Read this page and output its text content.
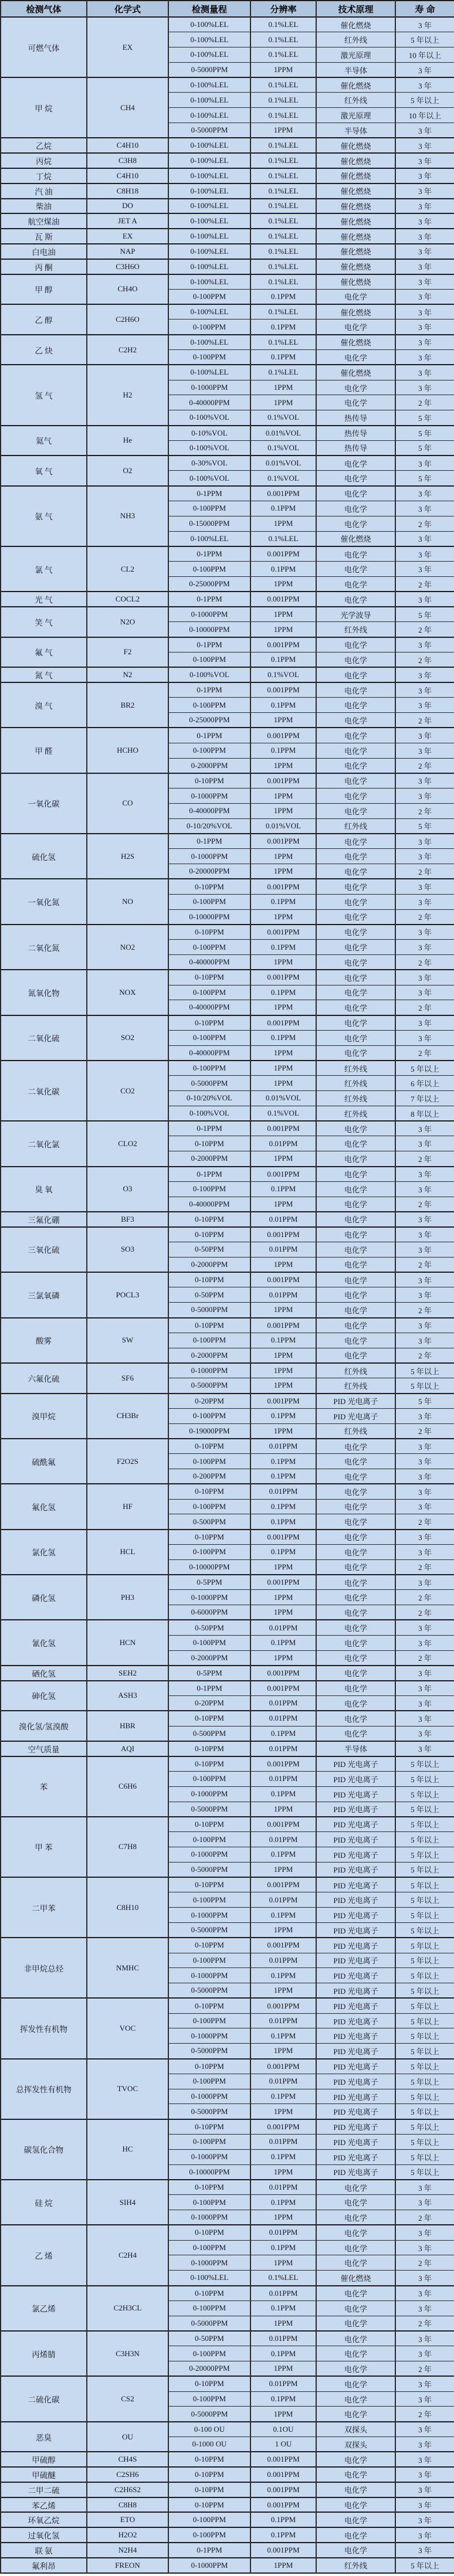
检测气体	化学式	检测量程	分辨率	技术原理	寿 命
可燃气体	EX	0-100%LEL	0.1%LEL	催化燃烧	3 年
		0-100%LEL	0.1%LEL	红外线	5 年以上
		0-100%LEL	0.1%LEL	激光原理	10 年以上
		0-5000PPM	1PPM	半导体	3 年
甲 烷	CH4	0-100%LEL	0.1%LEL	催化燃烧	3 年
		0-100%LEL	0.1%LEL	红外线	5 年以上
		0-100%LEL	0.1%LEL	激光原理	10 年以上
		0-5000PPM	1PPM	半导体	3 年
乙烷	C4H10	0-100%LEL	0.1%LEL	催化燃烧	3 年
丙烷	C3H8	0-100%LEL	0.1%LEL	催化燃烧	3 年
丁烷	C4H10	0-100%LEL	0.1%LEL	催化燃烧	3 年
汽 油	C8H18	0-100%LEL	0.1%LEL	催化燃烧	3 年
柴油	DO	0-100%LEL	0.1%LEL	催化燃烧	3 年
航空煤油	JET A	0-100%LEL	0.1%LEL	催化燃烧	3 年
瓦 斯	EX	0-100%LEL	0.1%LEL	催化燃烧	3 年
白电油	NAP	0-100%LEL	0.1%LEL	催化燃烧	3 年
丙 酮	C3H6O	0-100%LEL	0.1%LEL	催化燃烧	3 年
甲 醇	CH4O	0-100%LEL	0.1%LEL	催化燃烧	3 年
		0-100PPM	0.1PPM	电化学	3 年
乙 醇	C2H6O	0-100%LEL	0.1%LEL	催化燃烧	3 年
		0-100PPM	0.1PPM	电化学	3 年
乙 炔	C2H2	0-100%LEL	0.1%LEL	催化燃烧	3 年
		0-100PPM	0.1PPM	电化学	3 年
氢 气	H2	0-100%LEL	0.1%LEL	催化燃烧	3 年
		0-1000PPM	1PPM	电化学	3 年
		0-40000PPM	1PPM	电化学	2 年
		0-100%VOL	0.1%VOL	热传导	5 年
氦气	He	0-10%VOL	0.01%VOL	热传导	5 年
		0-100%VOL	0.1%VOL	热传导	5 年
氧 气	O2	0-30%VOL	0.01%VOL	电化学	3 年
		0-100%VOL	0.1%VOL	电化学	5 年
氨 气	NH3	0-1PPM	0.001PPM	电化学	3 年
		0-100PPM	0.1PPM	电化学	3 年
		0-15000PPM	1PPM	电化学	2 年
		0-100%LEL	0.1%LEL	催化燃烧	3 年
氯 气	CL2	0-1PPM	0.001PPM	电化学	3 年
		0-100PPM	0.1PPM	电化学	3 年
		0-25000PPM	1PPM	电化学	2 年
光 气	COCL2	0-1PPM	0.001PPM	电化学	3 年
笑 气	N2O	0-1000PPM	1PPM	光学波导	5 年
		0-10000PPM	1PPM	红外线	2 年
氟 气	F2	0-1PPM	0.001PPM	电化学	3 年
		0-100PPM	0.1PPM	电化学	2 年
氮 气	N2	0-100%VOL	0.1%VOL	电化学	3 年
溴 气	BR2	0-1PPM	0.001PPM	电化学	3 年
		0-100PPM	0.1PPM	电化学	3 年
		0-25000PPM	1PPM	电化学	2 年
甲 醛	HCHO	0-1PPM	0.001PPM	电化学	3 年
		0-100PPM	0.1PPM	电化学	3 年
		0-2000PPM	1PPM	电化学	2 年
一氧化碳	CO	0-10PPM	0.001PPM	电化学	3 年
		0-1000PPM	1PPM	电化学	3 年
		0-40000PPM	1PPM	电化学	2 年
		0-10/20%VOL	0.01%VOL	红外线	5 年
硫化氢	H2S	0-1PPM	0.001PPM	电化学	3 年
		0-1000PPM	1PPM	电化学	3 年
		0-20000PPM	1PPM	电化学	2 年
一氧化氮	NO	0-10PPM	0.001PPM	电化学	3 年
		0-100PPM	0.1PPM	电化学	3 年
		0-10000PPM	1PPM	电化学	2 年
二氧化氮	NO2	0-10PPM	0.001PPM	电化学	3 年
		0-100PPM	0.1PPM	电化学	3 年
		0-40000PPM	1PPM	电化学	2 年
氮氧化物	NOX	0-10PPM	0.001PPM	电化学	3 年
		0-100PPM	0.1PPM	电化学	3 年
		0-40000PPM	1PPM	电化学	2 年
二氧化硫	SO2	0-10PPM	0.001PPM	电化学	3 年
		0-100PPM	0.1PPM	电化学	3 年
		0-40000PPM	1PPM	电化学	2 年
二氧化碳	CO2	0-100PPM	1PPM	红外线	5 年以上
		0-5000PPM	1PPM	红外线	6 年以上
		0-10/20%VOL	0.01%VOL	红外线	7 年以上
		0-100%VOL	0.1%VOL	红外线	8 年以上
二氧化氯	CLO2	0-1PPM	0.001PPM	电化学	3 年
		0-10PPM	0.01PPM	电化学	3 年
		0-2000PPM	1PPM	电化学	2 年
臭 氧	O3	0-1PPM	0.001PPM	电化学	3 年
		0-100PPM	0.1PPM	电化学	3 年
		0-40000PPM	1PPM	电化学	2 年
三氟化硼	BF3	0-10PPM	0.01PPM	电化学	3 年
三氧化硫	SO3	0-10PPM	0.001PPM	电化学	3 年
		0-50PPM	0.01PPM	电化学	3 年
		0-2000PPM	1PPM	电化学	2 年
三氯氧磷	POCL3	0-10PPM	0.001PPM	电化学	3 年
		0-50PPM	0.01PPM	电化学	3 年
		0-5000PPM	1PPM	电化学	2 年
酸雾	SW	0-10PPM	0.001PPM	电化学	3 年
		0-100PPM	0.1PPM	电化学	3 年
		0-2000PPM	1PPM	电化学	2 年
六氟化硫	SF6	0-1000PPM	1PPM	红外线	5 年以上
		0-5000PPM	1PPM	红外线	5 年以上
溴甲烷	CH3Br	0-20PPM	0.001PPM	PID 光电离子	5 年
		0-100PPM	0.1PPM	PID 光电离子	3 年
		0-19000PPM	1PPM	红外线	2 年
硫酰氟	F2O2S	0-10PPM	0.01PPM	电化学	3 年
		0-100PPM	0.1PPM	电化学	3 年
		0-200PPM	0.1PPM	电化学	3 年
氟化氢	HF	0-10PPM	0.01PPM	电化学	3 年
		0-100PPM	0.1PPM	电化学	3 年
		0-500PPM	0.1PPM	电化学	2 年
氯化氢	HCL	0-10PPM	0.001PPM	电化学	3 年
		0-100PPM	0.1PPM	电化学	3 年
		0-10000PPM	1PPM	电化学	2 年
磷化氢	PH3	0-5PPM	0.001PPM	电化学	3 年
		0-1000PPM	1PPM	电化学	2 年
		0-6000PPM	1PPM	电化学	2 年
氰化氢	HCN	0-50PPM	0.01PPM	电化学	3 年
		0-100PPM	0.1PPM	电化学	3 年
		0-2000PPM	1PPM	电化学	2 年
硒化氢	SEH2	0-5PPM	0.001PPM	电化学	3 年
砷化氢	ASH3	0-1PPM	0.001PPM	电化学	3 年
		0-20PPM	0.01PPM	电化学	3 年
溴化氢/氢溴酸	HBR	0-10PPM	0.01PPM	电化学	3 年
		0-500PPM	0.1PPM	电化学	3 年
空气质量	AQI	0-10PPM	0.01PPM	半导体	3 年
苯	C6H6	0-10PPM	0.001PPM	PID 光电离子	5 年以上
		0-100PPM	0.01PPM	PID 光电离子	5 年以上
		0-1000PPM	0.1PPM	PID 光电离子	5 年以上
		0-5000PPM	1PPM	PID 光电离子	5 年以上
甲 苯	C7H8	0-10PPM	0.001PPM	PID 光电离子	5 年以上
		0-100PPM	0.01PPM	PID 光电离子	5 年以上
		0-1000PPM	0.1PPM	PID 光电离子	5 年以上
		0-5000PPM	1PPM	PID 光电离子	5 年以上
二甲苯	C8H10	0-10PPM	0.001PPM	PID 光电离子	5 年以上
		0-100PPM	0.01PPM	PID 光电离子	5 年以上
		0-1000PPM	0.1PPM	PID 光电离子	5 年以上
		0-5000PPM	1PPM	PID 光电离子	5 年以上
非甲烷总烃	NMHC	0-10PPM	0.001PPM	PID 光电离子	5 年以上
		0-100PPM	0.01PPM	PID 光电离子	5 年以上
		0-1000PPM	0.1PPM	PID 光电离子	5 年以上
		0-5000PPM	1PPM	PID 光电离子	5 年以上
挥发性有机物	VOC	0-10PPM	0.001PPM	PID 光电离子	5 年以上
		0-100PPM	0.01PPM	PID 光电离子	5 年以上
		0-1000PPM	0.1PPM	PID 光电离子	5 年以上
		0-5000PPM	1PPM	PID 光电离子	5 年以上
总挥发性有机物	TVOC	0-10PPM	0.001PPM	PID 光电离子	5 年以上
		0-100PPM	0.01PPM	PID 光电离子	5 年以上
		0-1000PPM	0.1PPM	PID 光电离子	5 年以上
		0-5000PPM	1PPM	PID 光电离子	5 年以上
碳氢化合物	HC	0-10PPM	0.001PPM	PID 光电离子	5 年以上
		0-100PPM	0.01PPM	PID 光电离子	5 年以上
		0-1000PPM	0.1PPM	PID 光电离子	5 年以上
		0-10000PPM	1PPM	PID 光电离子	5 年以上
硅 烷	SIH4	0-10PPM	0.01PPM	电化学	3 年
		0-100PPM	0.1PPM	电化学	3 年
		0-1000PPM	1PPM	电化学	2 年
乙 烯	C2H4	0-10PPM	0.01PPM	电化学	3 年
		0-100PPM	0.1PPM	电化学	3 年
		0-1000PPM	1PPM	电化学	2 年
		0-100%LEL	0.1%LEL	催化燃烧	3 年
氯乙烯	C2H3CL	0-10PPM	0.01PPM	电化学	3 年
		0-100PPM	0.1PPM	电化学	3 年
		0-5000PPM	1PPM	电化学	2 年
丙烯腈	C3H3N	0-50PPM	0.01PPM	电化学	3 年
		0-100PPM	0.1PPM	电化学	3 年
		0-20000PPM	1PPM	电化学	2 年
二硫化碳	CS2	0-10PPM	0.01PPM	电化学	3 年
		0-100PPM	0.1PPM	电化学	3 年
		0-5000PPM	1PPM	电化学	2 年
恶臭	OU	0-100 OU	0.1OU	双探头	3 年
		0-1000 OU	1 OU	双探头	3 年
甲硫醇	CH4S	0-10PPM	0.001PPM	电化学	3 年
甲硫醚	C2SH6	0-10PPM	0.001PPM	电化学	3 年
二甲二硫	C2H6S2	0-10PPM	0.001PPM	电化学	3 年
苯乙烯	C8H8	0-10PPM	0.001PPM	电化学	3 年
环氧乙烷	ETO	0-100PPM	0.1PPM	电化学	3 年
过氧化氢	H2O2	0-100PPM	0.1PPM	电化学	3 年
联 氨	N2H4	0-1PPM	0.001PPM	电化学	3 年
氟利昂	FREON	0-1000PPM	1PPM	红外线	5 年以上
